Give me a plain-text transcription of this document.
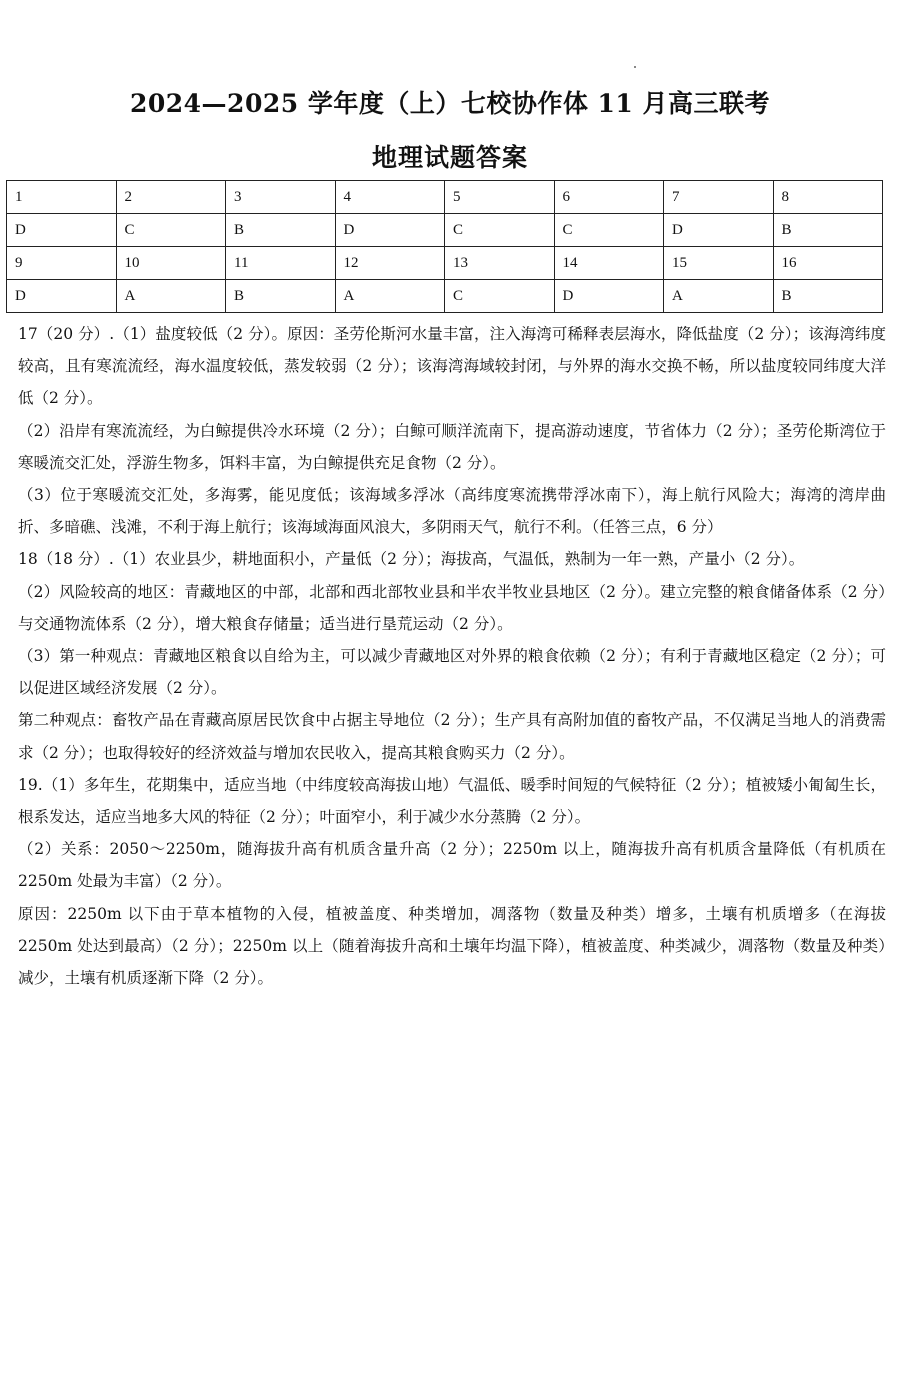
2024—2025 学年度（上）七校协作体 11 月高三联考
地理试题答案
1	2	3	4	5	6	7	8
D	C	B	D	C	C	D	B
9	10	11	12	13	14	15	16
D	A	B	A	C	D	A	B

17（20 分）.（1）盐度较低（2 分）。原因：圣劳伦斯河水量丰富，注入海湾可稀释表层海水，降低盐度（2 分）；该海湾纬度较高，且有寒流流经，海水温度较低，蒸发较弱（2 分）；该海湾海域较封闭，与外界的海水交换不畅，所以盐度较同纬度大洋低（2 分）。

（2）沿岸有寒流流经，为白鲸提供冷水环境（2 分）；白鲸可顺洋流南下，提高游动速度，节省体力（2 分）；圣劳伦斯湾位于寒暖流交汇处，浮游生物多，饵料丰富，为白鲸提供充足食物（2 分）。

（3）位于寒暖流交汇处，多海雾，能见度低；该海域多浮冰（高纬度寒流携带浮冰南下），海上航行风险大；海湾的湾岸曲折、多暗礁、浅滩，不利于海上航行；该海域海面风浪大，多阴雨天气，航行不利。（任答三点，6 分）

18（18 分）.（1）农业县少，耕地面积小，产量低（2 分）；海拔高，气温低，熟制为一年一熟，产量小（2 分）。

（2）风险较高的地区：青藏地区的中部，北部和西北部牧业县和半农半牧业县地区（2 分）。建立完整的粮食储备体系（2 分）与交通物流体系（2 分），增大粮食存储量；适当进行垦荒运动（2 分）。

（3）第一种观点：青藏地区粮食以自给为主，可以减少青藏地区对外界的粮食依赖（2 分）；有利于青藏地区稳定（2 分）；可以促进区域经济发展（2 分）。

第二种观点：畜牧产品在青藏高原居民饮食中占据主导地位（2 分）；生产具有高附加值的畜牧产品，不仅满足当地人的消费需求（2 分）；也取得较好的经济效益与增加农民收入，提高其粮食购买力（2 分）。

19.（1）多年生，花期集中，适应当地（中纬度较高海拔山地）气温低、暖季时间短的气候特征（2 分）；植被矮小匍匐生长，根系发达，适应当地多大风的特征（2 分）；叶面窄小，利于减少水分蒸腾（2 分）。

（2）关系：2050～2250m，随海拔升高有机质含量升高（2 分）；2250m 以上，随海拔升高有机质含量降低（有机质在 2250m 处最为丰富）（2 分）。

原因：2250m 以下由于草本植物的入侵，植被盖度、种类增加，凋落物（数量及种类）增多，土壤有机质增多（在海拔 2250m 处达到最高）（2 分）；2250m 以上（随着海拔升高和土壤年均温下降），植被盖度、种类减少，凋落物（数量及种类）减少，土壤有机质逐渐下降（2 分）。
